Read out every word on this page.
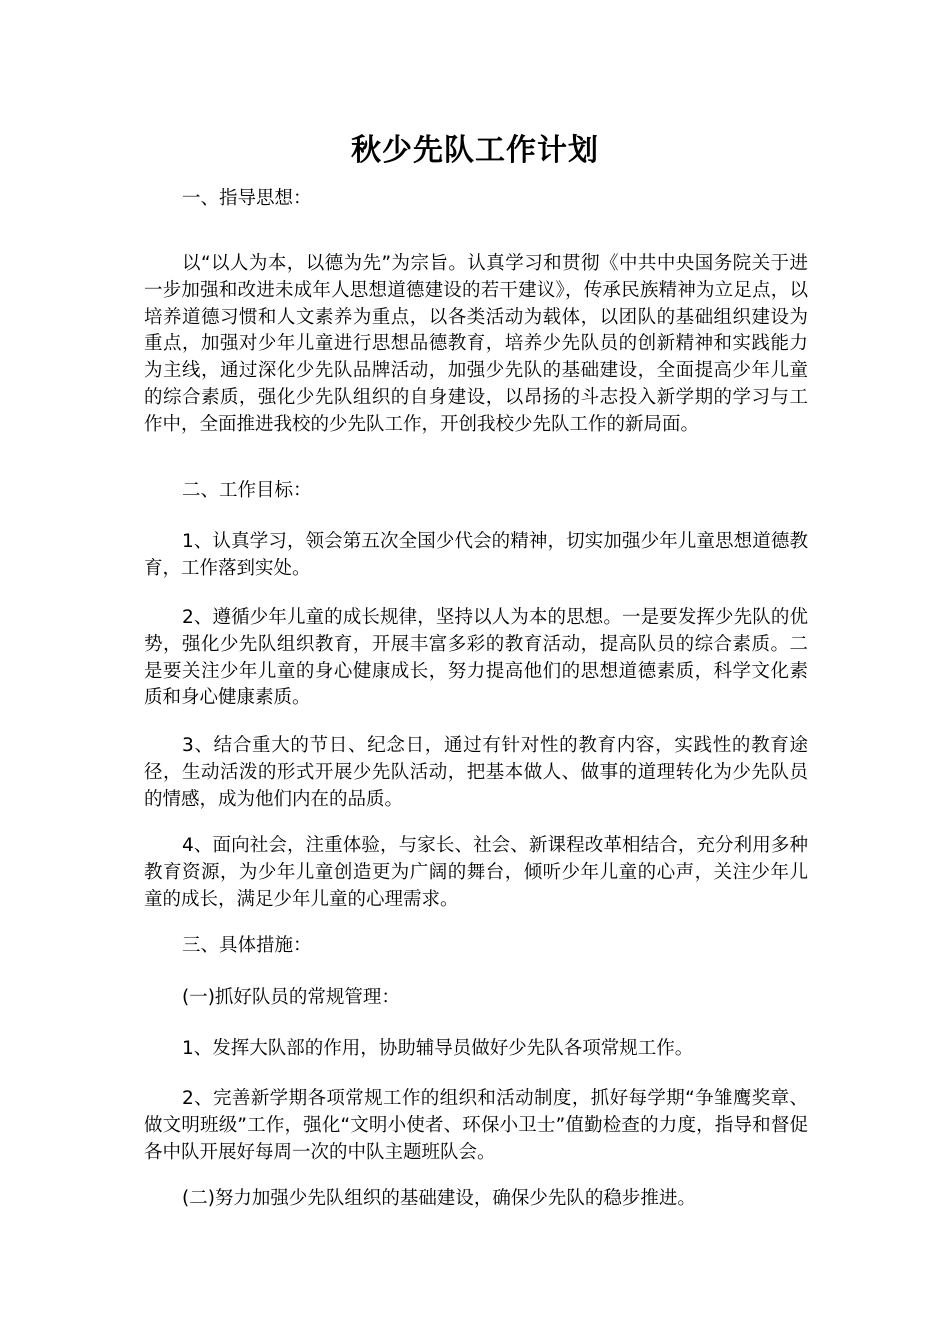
秋少先队工作计划

一、指导思想：

以“以人为本，以德为先”为宗旨。认真学习和贯彻《中共中央国务院关于进一步加强和改进未成年人思想道德建设的若干建议》，传承民族精神为立足点，以培养道德习惯和人文素养为重点，以各类活动为载体，以团队的基础组织建设为重点，加强对少年儿童进行思想品德教育，培养少先队员的创新精神和实践能力为主线，通过深化少先队品牌活动，加强少先队的基础建设，全面提高少年儿童的综合素质，强化少先队组织的自身建设，以昂扬的斗志投入新学期的学习与工作中，全面推进我校的少先队工作，开创我校少先队工作的新局面。

二、工作目标：

1、认真学习，领会第五次全国少代会的精神，切实加强少年儿童思想道德教育，工作落到实处。

2、遵循少年儿童的成长规律，坚持以人为本的思想。一是要发挥少先队的优势，强化少先队组织教育，开展丰富多彩的教育活动，提高队员的综合素质。二是要关注少年儿童的身心健康成长，努力提高他们的思想道德素质，科学文化素质和身心健康素质。

3、结合重大的节日、纪念日，通过有针对性的教育内容，实践性的教育途径，生动活泼的形式开展少先队活动，把基本做人、做事的道理转化为少先队员的情感，成为他们内在的品质。

4、面向社会，注重体验，与家长、社会、新课程改革相结合，充分利用多种教育资源，为少年儿童创造更为广阔的舞台，倾听少年儿童的心声，关注少年儿童的成长，满足少年儿童的心理需求。

三、具体措施：

(一)抓好队员的常规管理：

1、发挥大队部的作用，协助辅导员做好少先队各项常规工作。

2、完善新学期各项常规工作的组织和活动制度，抓好每学期“争雏鹰奖章、做文明班级”工作，强化“文明小使者、环保小卫士”值勤检查的力度，指导和督促各中队开展好每周一次的中队主题班队会。

(二)努力加强少先队组织的基础建设，确保少先队的稳步推进。
